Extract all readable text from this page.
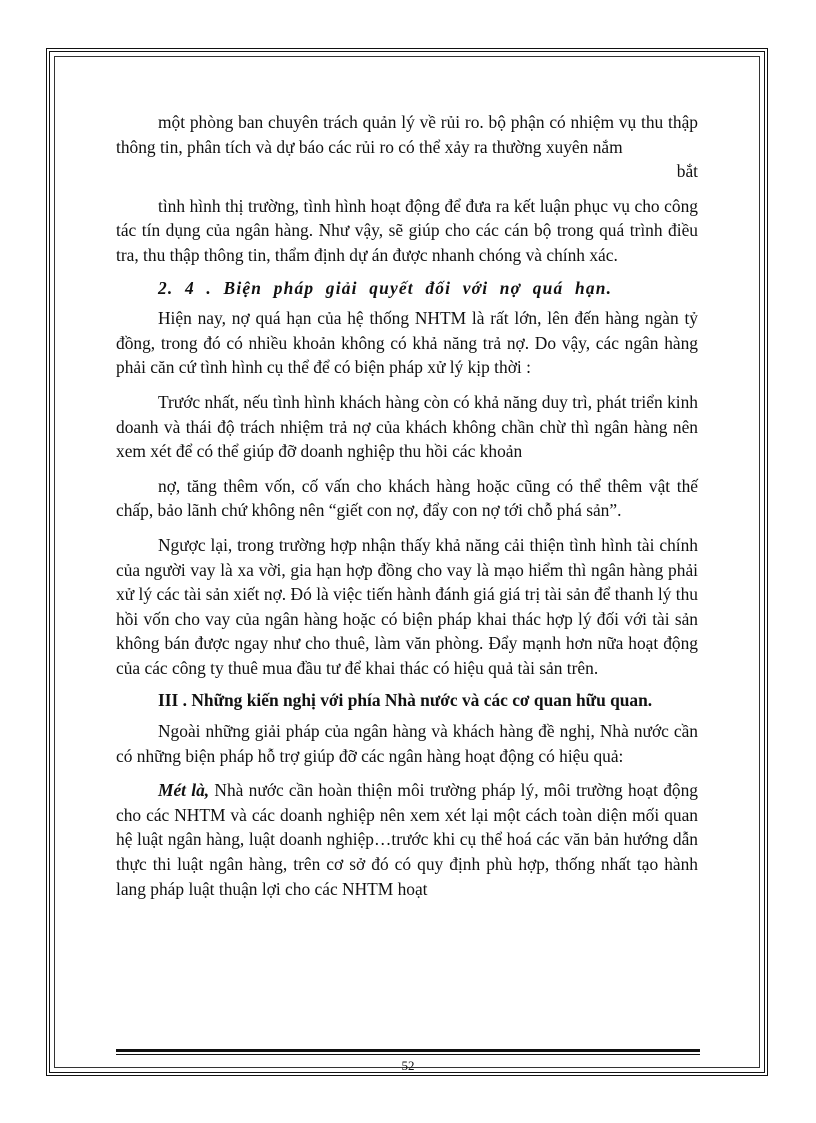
một phòng ban chuyên trách quản lý về rủi ro. bộ phận có nhiệm vụ thu thập thông tin, phân tích và dự báo các rủi ro có thể xảy ra thường xuyên nắm

bắt

tình hình thị trường, tình hình hoạt động để đưa ra kết luận phục vụ cho công tác tín dụng của ngân hàng. Như vậy, sẽ giúp cho các cán bộ trong quá trình điều tra, thu thập thông tin, thẩm định dự án được nhanh chóng và chính xác.

2. 4 . Biện pháp giải quyết đối với nợ quá hạn.

Hiện nay, nợ quá hạn của hệ thống NHTM là rất lớn, lên đến hàng ngàn tỷ đồng, trong đó có nhiều khoản không có khả năng trả nợ. Do vậy, các ngân hàng phải căn cứ tình hình cụ thể để có biện pháp xử lý kịp thời :

Trước nhất, nếu tình hình khách hàng còn có khả năng duy trì, phát triển kinh doanh và thái độ trách nhiệm trả nợ của khách không chần chừ thì ngân hàng nên xem xét để có thể giúp đỡ doanh nghiệp thu hồi các khoản

nợ, tăng thêm vốn, cố vấn cho khách hàng hoặc cũng có thể thêm vật thế chấp, bảo lãnh chứ không nên “giết con nợ, đẩy con nợ tới chỗ phá sản”.

Ngược lại, trong trường hợp nhận thấy khả năng cải thiện tình hình tài chính của người vay là xa vời, gia hạn hợp đồng cho vay là mạo hiểm thì ngân hàng phải xử lý các tài sản xiết nợ. Đó là việc tiến hành đánh giá giá trị tài sản để thanh lý thu hồi vốn cho vay của ngân hàng hoặc có biện pháp khai thác hợp lý đối với tài sản không bán được ngay như cho thuê, làm văn phòng. Đẩy mạnh hơn nữa hoạt động của các công ty thuê mua đầu tư để khai thác có hiệu quả tài sản trên.

III . Những kiến nghị với phía Nhà nước và các cơ quan hữu quan.

Ngoài những giải pháp của ngân hàng và khách hàng đề nghị, Nhà nước cần có những biện pháp hỗ trợ giúp đỡ các ngân hàng hoạt động có hiệu quả:

Mét là, Nhà nước cần hoàn thiện môi trường pháp lý, môi trường hoạt động cho các NHTM và các doanh nghiệp nên xem xét lại một cách toàn diện mối quan hệ luật ngân hàng, luật doanh nghiệp…trước khi cụ thể hoá các văn bản hướng dẫn thực thi luật ngân hàng, trên cơ sở đó có quy định phù hợp, thống nhất tạo hành lang pháp luật thuận lợi cho các NHTM hoạt

52
